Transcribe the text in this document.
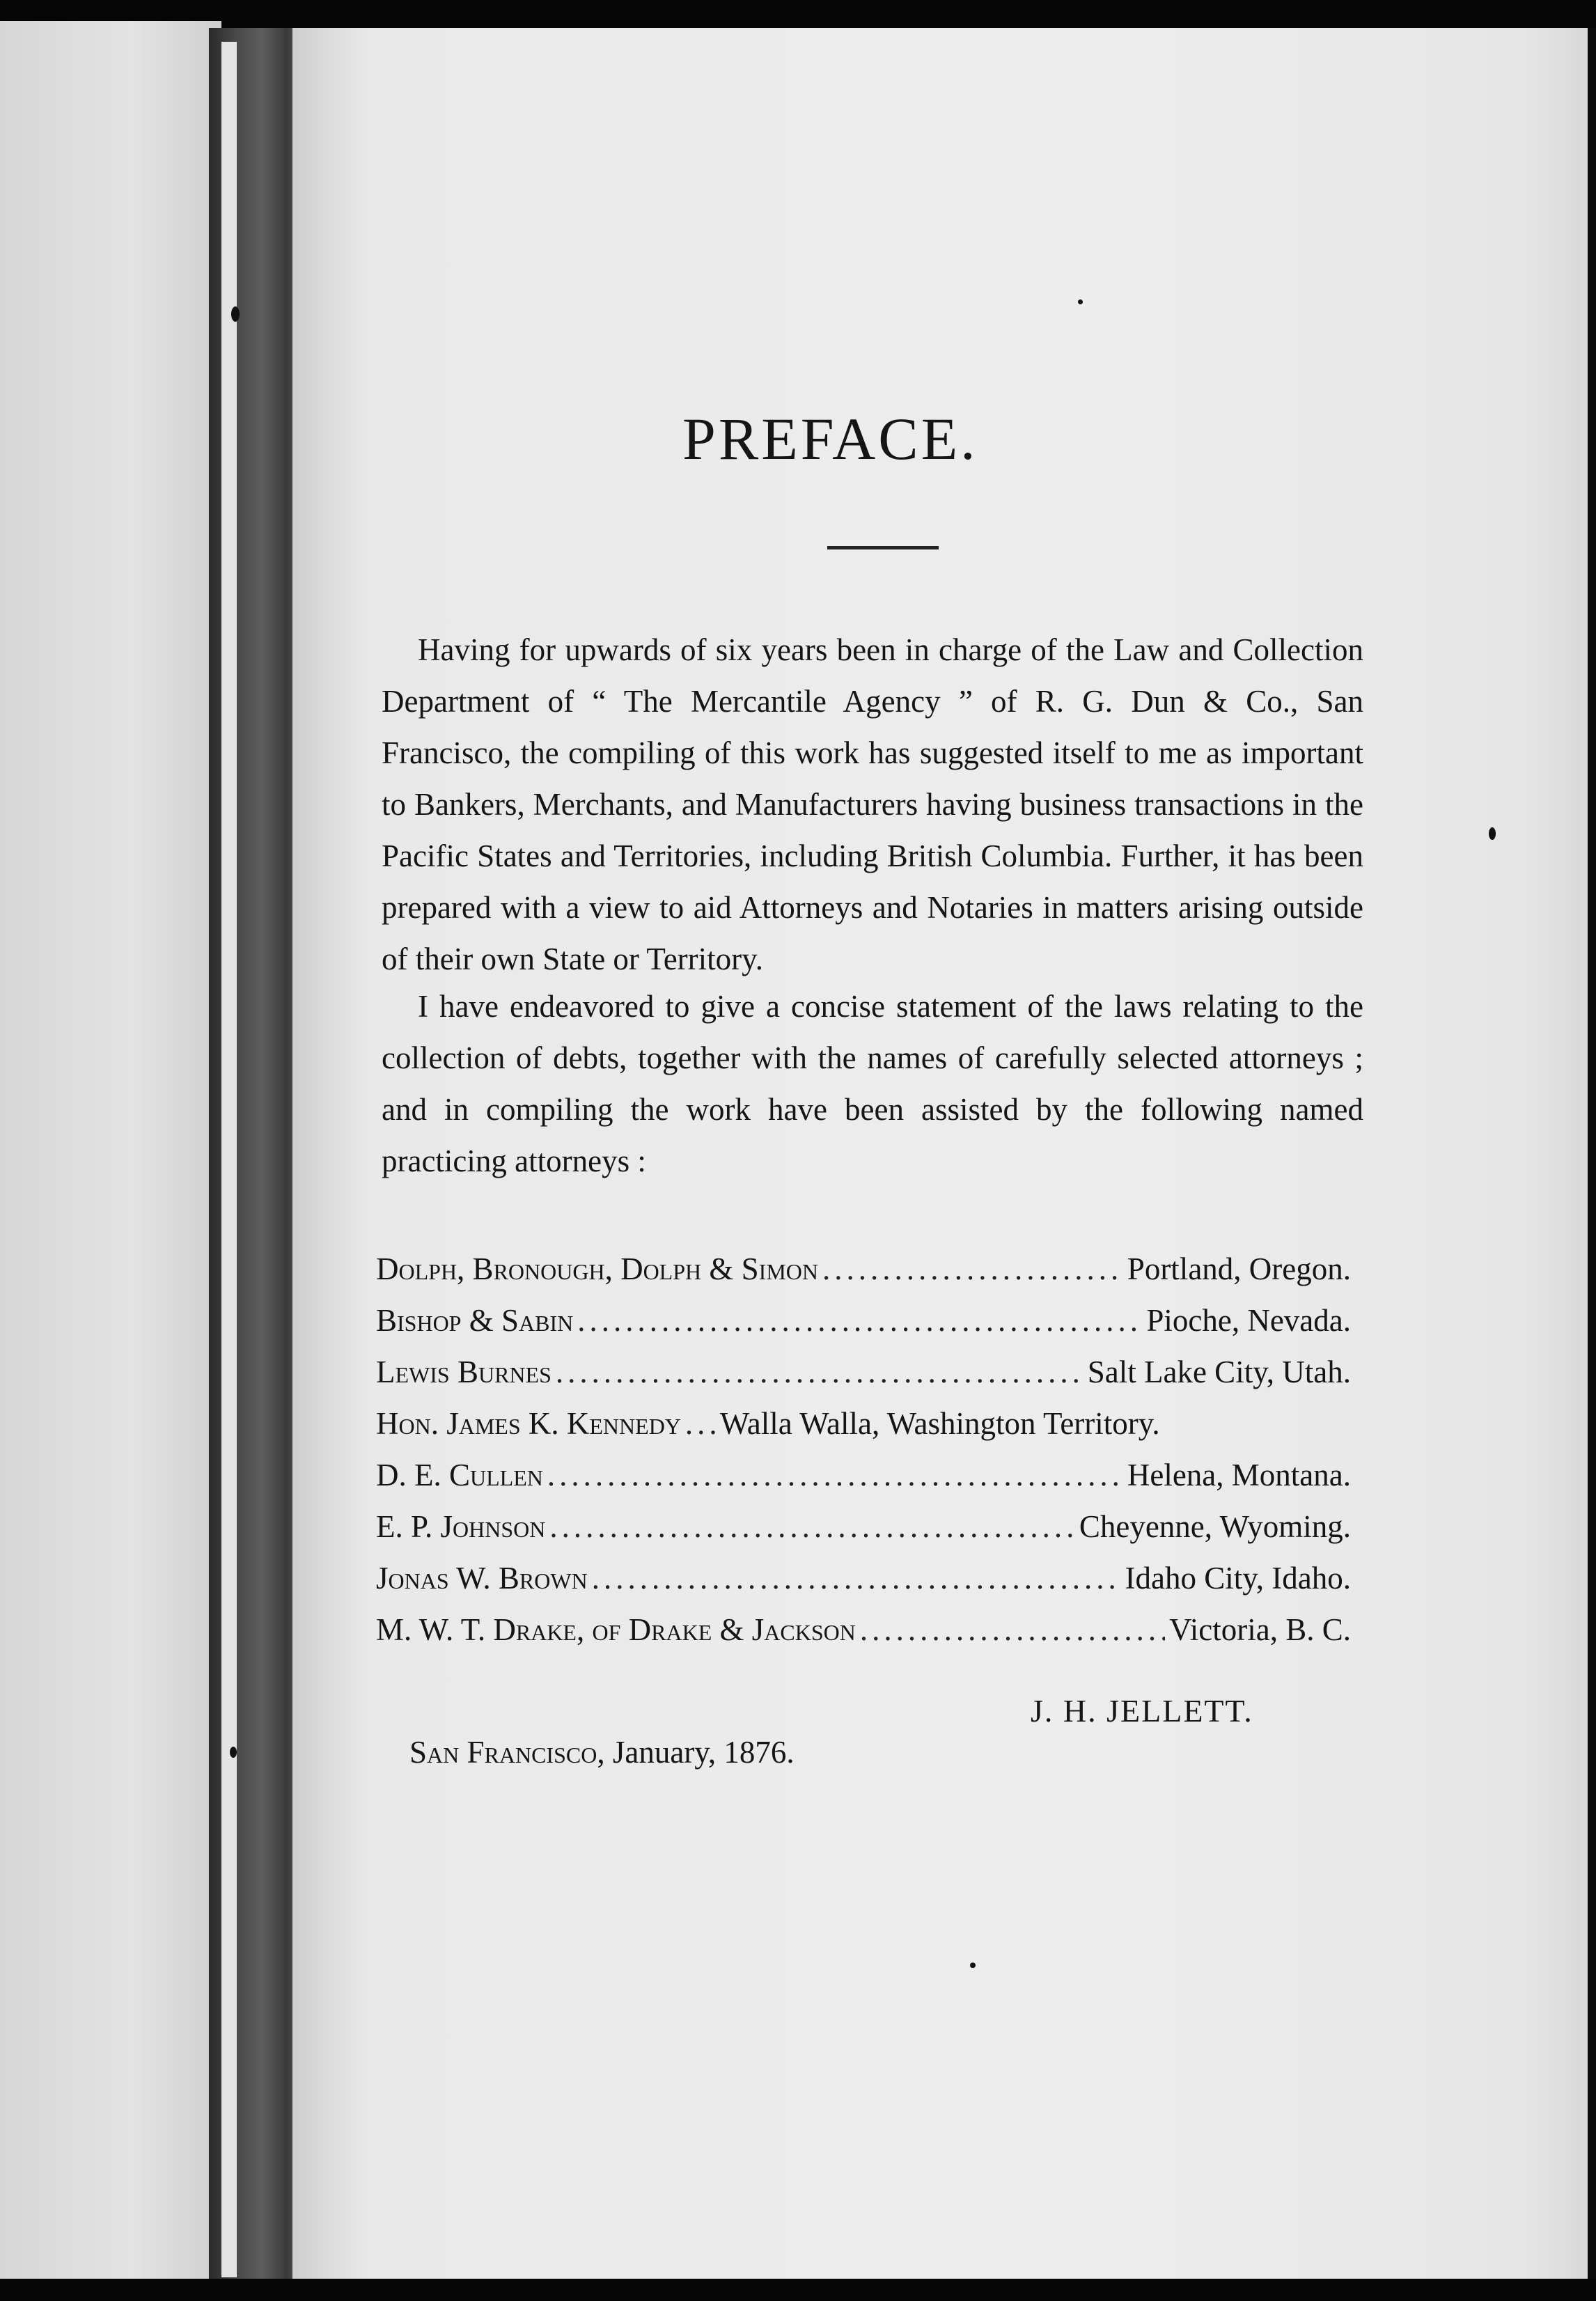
PREFACE.
Having for upwards of six years been in charge of the Law and Collection Department of “ The Mercantile Agency ” of R. G. Dun & Co., San Francisco, the compiling of this work has suggested itself to me as important to Bankers, Merchants, and Manufacturers having business transactions in the Pacific States and Territories, including British Columbia. Further, it has been prepared with a view to aid Attorneys and Notaries in matters arising outside of their own State or Territory.
I have endeavored to give a concise statement of the laws relating to the collection of debts, together with the names of carefully selected attorneys ; and in compiling the work have been assisted by the following named practicing attorneys :
Dolph, Bronough, Dolph & Simon .....	Portland, Oregon.
Bishop & Sabin .....	Pioche, Nevada.
Lewis Burnes .....	Salt Lake City, Utah.
Hon. James K. Kennedy ..... Walla Walla, Washington Territory.
D. E. Cullen .....	Helena, Montana.
E. P. Johnson .....	Cheyenne, Wyoming.
Jonas W. Brown .....	Idaho City, Idaho.
M. W. T. Drake, of Drake & Jackson .....	Victoria, B. C.
J. H. JELLETT.
San Francisco, January, 1876.
